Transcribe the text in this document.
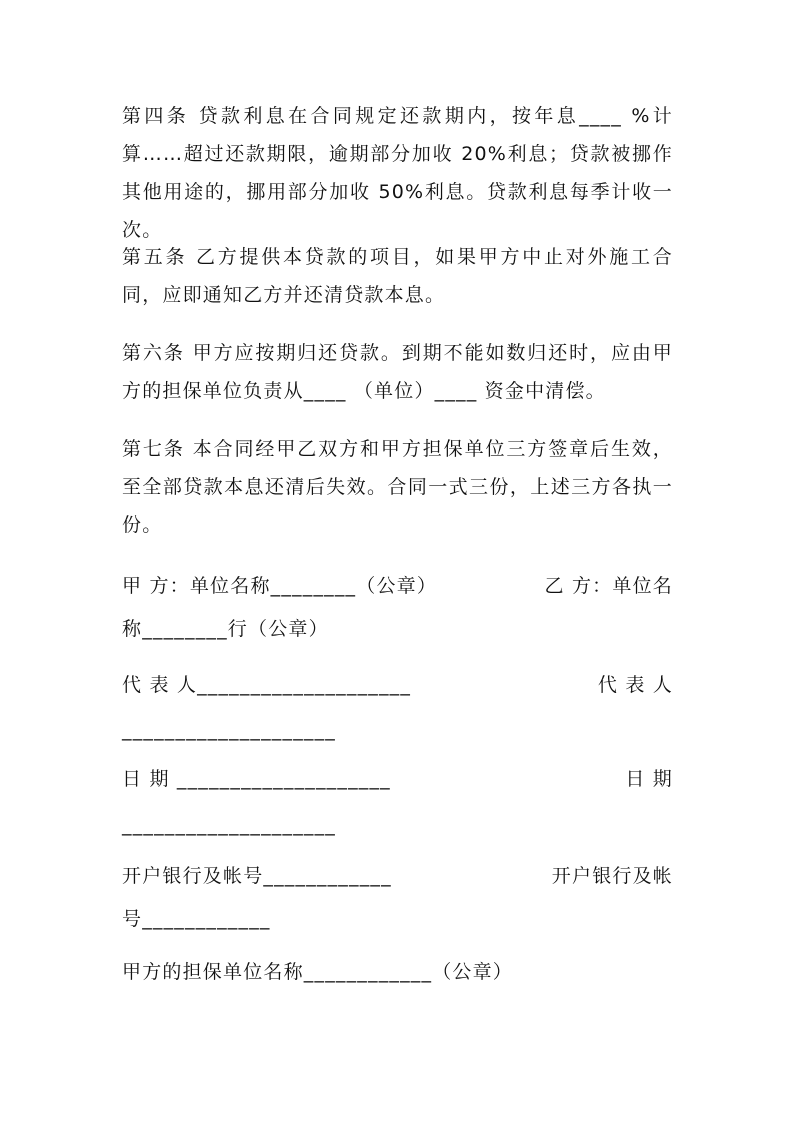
第四条 贷款利息在合同规定还款期内，按年息____ %计算……超过还款期限，逾期部分加收 20%利息；贷款被挪作其他用途的，挪用部分加收 50%利息。贷款利息每季计收一次。

第五条 乙方提供本贷款的项目，如果甲方中止对外施工合同，应即通知乙方并还清贷款本息。

第六条 甲方应按期归还贷款。到期不能如数归还时，应由甲方的担保单位负责从____ （单位）____ 资金中清偿。

第七条 本合同经甲乙双方和甲方担保单位三方签章后生效，至全部贷款本息还清后失效。合同一式三份，上述三方各执一份。

甲 方：单位名称________（公章）	乙 方：单位名
称________行（公章）
代 表 人____________________	代 表 人
____________________
日 期 ____________________	日 期
____________________
开户银行及帐号____________	开户银行及帐
号____________
甲方的担保单位名称____________（公章）
